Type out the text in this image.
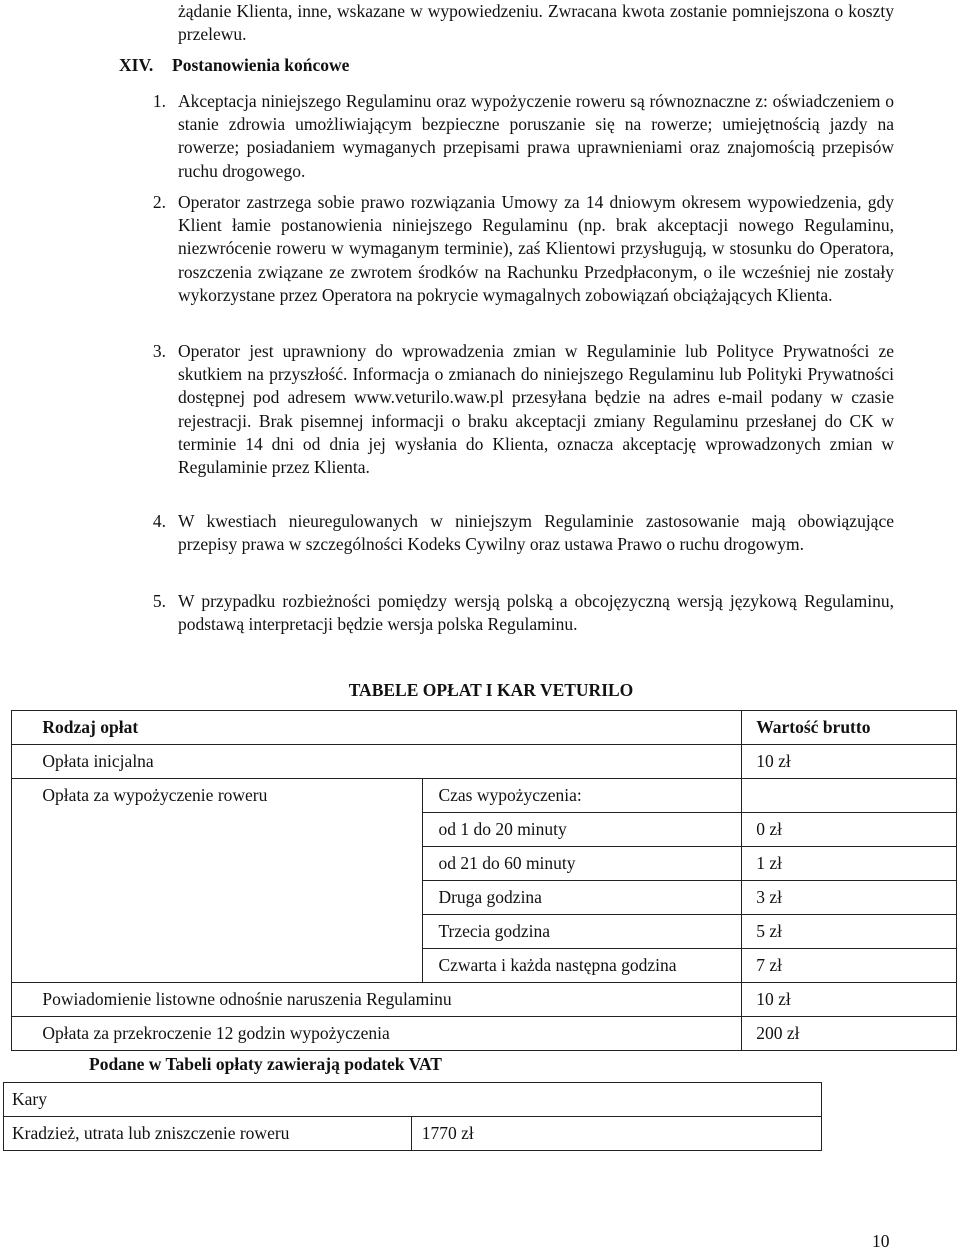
żądanie Klienta, inne, wskazane w wypowiedzeniu. Zwracana kwota zostanie pomniejszona o koszty przelewu.
XIV. Postanowienia końcowe
1. Akceptacja niniejszego Regulaminu oraz wypożyczenie roweru są równoznaczne z: oświadczeniem o stanie zdrowia umożliwiającym bezpieczne poruszanie się na rowerze; umiejętnością jazdy na rowerze; posiadaniem wymaganych przepisami prawa uprawnieniami oraz znajomością przepisów ruchu drogowego.
2. Operator zastrzega sobie prawo rozwiązania Umowy za 14 dniowym okresem wypowiedzenia, gdy Klient łamie postanowienia niniejszego Regulaminu (np. brak akceptacji nowego Regulaminu, niezwrócenie roweru w wymaganym terminie), zaś Klientowi przysługują, w stosunku do Operatora, roszczenia związane ze zwrotem środków na Rachunku Przedpłaconym, o ile wcześniej nie zostały wykorzystane przez Operatora na pokrycie wymagalnych zobowiązań obciążających Klienta.
3. Operator jest uprawniony do wprowadzenia zmian w Regulaminie lub Polityce Prywatności ze skutkiem na przyszłość. Informacja o zmianach do niniejszego Regulaminu lub Polityki Prywatności dostępnej pod adresem www.veturilo.waw.pl przesyłana będzie na adres e-mail podany w czasie rejestracji. Brak pisemnej informacji o braku akceptacji zmiany Regulaminu przesłanej do CK w terminie 14 dni od dnia jej wysłania do Klienta, oznacza akceptację wprowadzonych zmian w Regulaminie przez Klienta.
4. W kwestiach nieuregulowanych w niniejszym Regulaminie zastosowanie mają obowiązujące przepisy prawa w szczególności Kodeks Cywilny oraz ustawa Prawo o ruchu drogowym.
5. W przypadku rozbieżności pomiędzy wersją polską a obcojęzyczną wersją językową Regulaminu, podstawą interpretacji będzie wersja polska Regulaminu.
TABELE OPŁAT I KAR VETURILO
	Rodzaj opłat		Wartość brutto
	Opłata inicjalna		10 zł
	Opłata za wypożyczenie roweru	Czas wypożyczenia:	
		od 1 do 20 minuty	0 zł
		od 21 do 60 minuty	1 zł
		Druga godzina	3 zł
		Trzecia godzina	5 zł
		Czwarta i każda następna godzina	7 zł
	Powiadomienie listowne odnośnie naruszenia Regulaminu		10 zł
	Opłata za przekroczenie 12 godzin wypożyczenia		200 zł
Podane w Tabeli opłaty zawierają podatek VAT
Kary
Kradzież, utrata lub zniszczenie roweru	1770 zł
10
